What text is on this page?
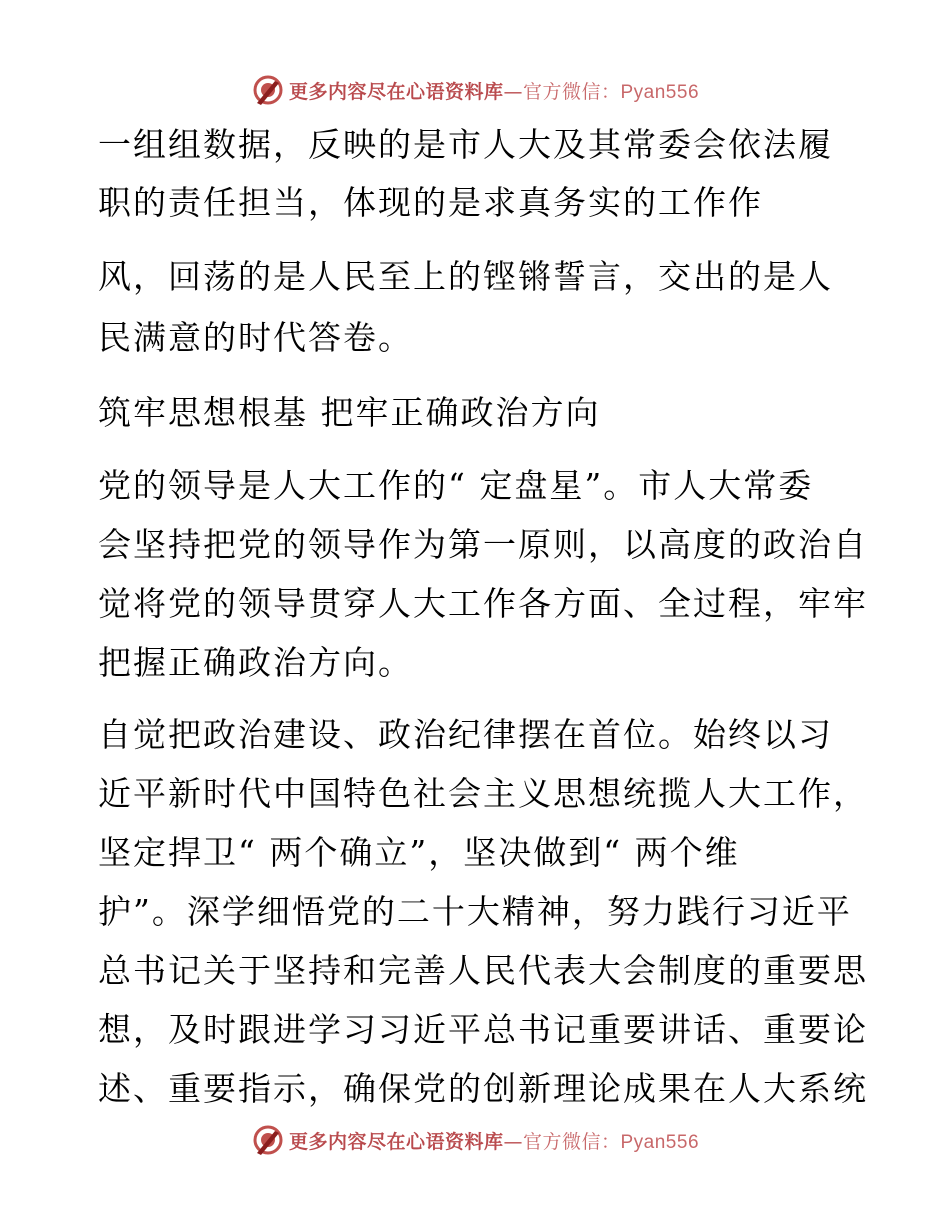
更多内容尽在心语资料库—官方微信：Pyan556
一组组数据，反映的是市人大及其常委会依法履
职的责任担当，体现的是求真务实的工作作
风，回荡的是人民至上的铿锵誓言，交出的是人
民满意的时代答卷。
筑牢思想根基 把牢正确政治方向
党的领导是人大工作的“ 定盘星”。市人大常委
会坚持把党的领导作为第一原则，以高度的政治自
觉将党的领导贯穿人大工作各方面、全过程，牢牢
把握正确政治方向。
自觉把政治建设、政治纪律摆在首位。始终以习
近平新时代中国特色社会主义思想统揽人大工作，
坚定捍卫“ 两个确立”，坚决做到“ 两个维
护”。深学细悟党的二十大精神，努力践行习近平
总书记关于坚持和完善人民代表大会制度的重要思
想，及时跟进学习习近平总书记重要讲话、重要论
述、重要指示，确保党的创新理论成果在人大系统
更多内容尽在心语资料库—官方微信：Pyan556
